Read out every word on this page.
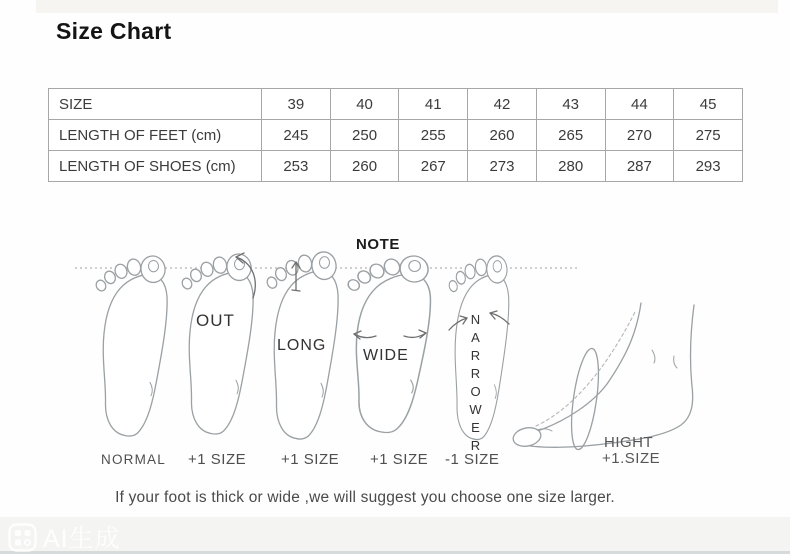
Size Chart
SIZE	39	40	41	42	43	44	45
LENGTH OF FEET (cm)	245	250	255	260	265	270	275
LENGTH OF SHOES (cm)	253	260	267	273	280	287	293
NOTE
OUT
LONG
WIDE	NARROWER
NORMAL +1 SIZE +1 SIZE +1 SIZE -1 SIZE
HIGHT
+1.SIZE

If your foot is thick or wide ,we will suggest you choose one size larger.

AI生成
